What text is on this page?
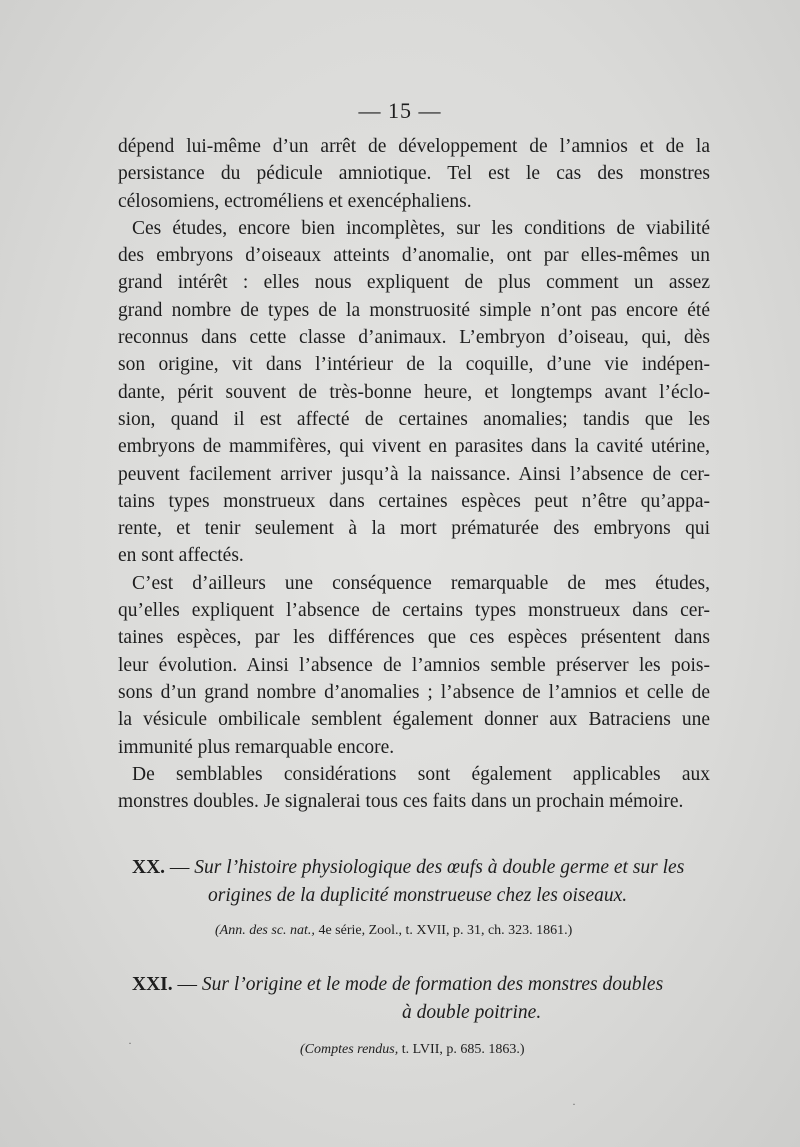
— 15 —
dépend lui-même d’un arrêt de développement de l’amnios et de la
persistance du pédicule amniotique. Tel est le cas des monstres
célosomiens, ectroméliens et exencéphaliens.
Ces études, encore bien incomplètes, sur les conditions de viabilité
des embryons d’oiseaux atteints d’anomalie, ont par elles-mêmes un
grand intérêt : elles nous expliquent de plus comment un assez
grand nombre de types de la monstruosité simple n’ont pas encore été
reconnus dans cette classe d’animaux. L’embryon d’oiseau, qui, dès
son origine, vit dans l’intérieur de la coquille, d’une vie indépen-
dante, périt souvent de très-bonne heure, et longtemps avant l’éclo-
sion, quand il est affecté de certaines anomalies; tandis que les
embryons de mammifères, qui vivent en parasites dans la cavité utérine,
peuvent facilement arriver jusqu’à la naissance. Ainsi l’absence de cer-
tains types monstrueux dans certaines espèces peut n’être qu’appa-
rente, et tenir seulement à la mort prématurée des embryons qui
en sont affectés.
C’est d’ailleurs une conséquence remarquable de mes études,
qu’elles expliquent l’absence de certains types monstrueux dans cer-
taines espèces, par les différences que ces espèces présentent dans
leur évolution. Ainsi l’absence de l’amnios semble préserver les pois-
sons d’un grand nombre d’anomalies ; l’absence de l’amnios et celle de
la vésicule ombilicale semblent également donner aux Batraciens une
immunité plus remarquable encore.
De semblables considérations sont également applicables aux
monstres doubles. Je signalerai tous ces faits dans un prochain mémoire.
XX. — Sur l’histoire physiologique des œufs à double germe et sur les
origines de la duplicité monstrueuse chez les oiseaux.
(Ann. des sc. nat., 4e série, Zool., t. XVII, p. 31, ch. 323. 1861.)
XXI. — Sur l’origine et le mode de formation des monstres doubles
à double poitrine.
(Comptes rendus, t. LVII, p. 685. 1863.)
·
·
